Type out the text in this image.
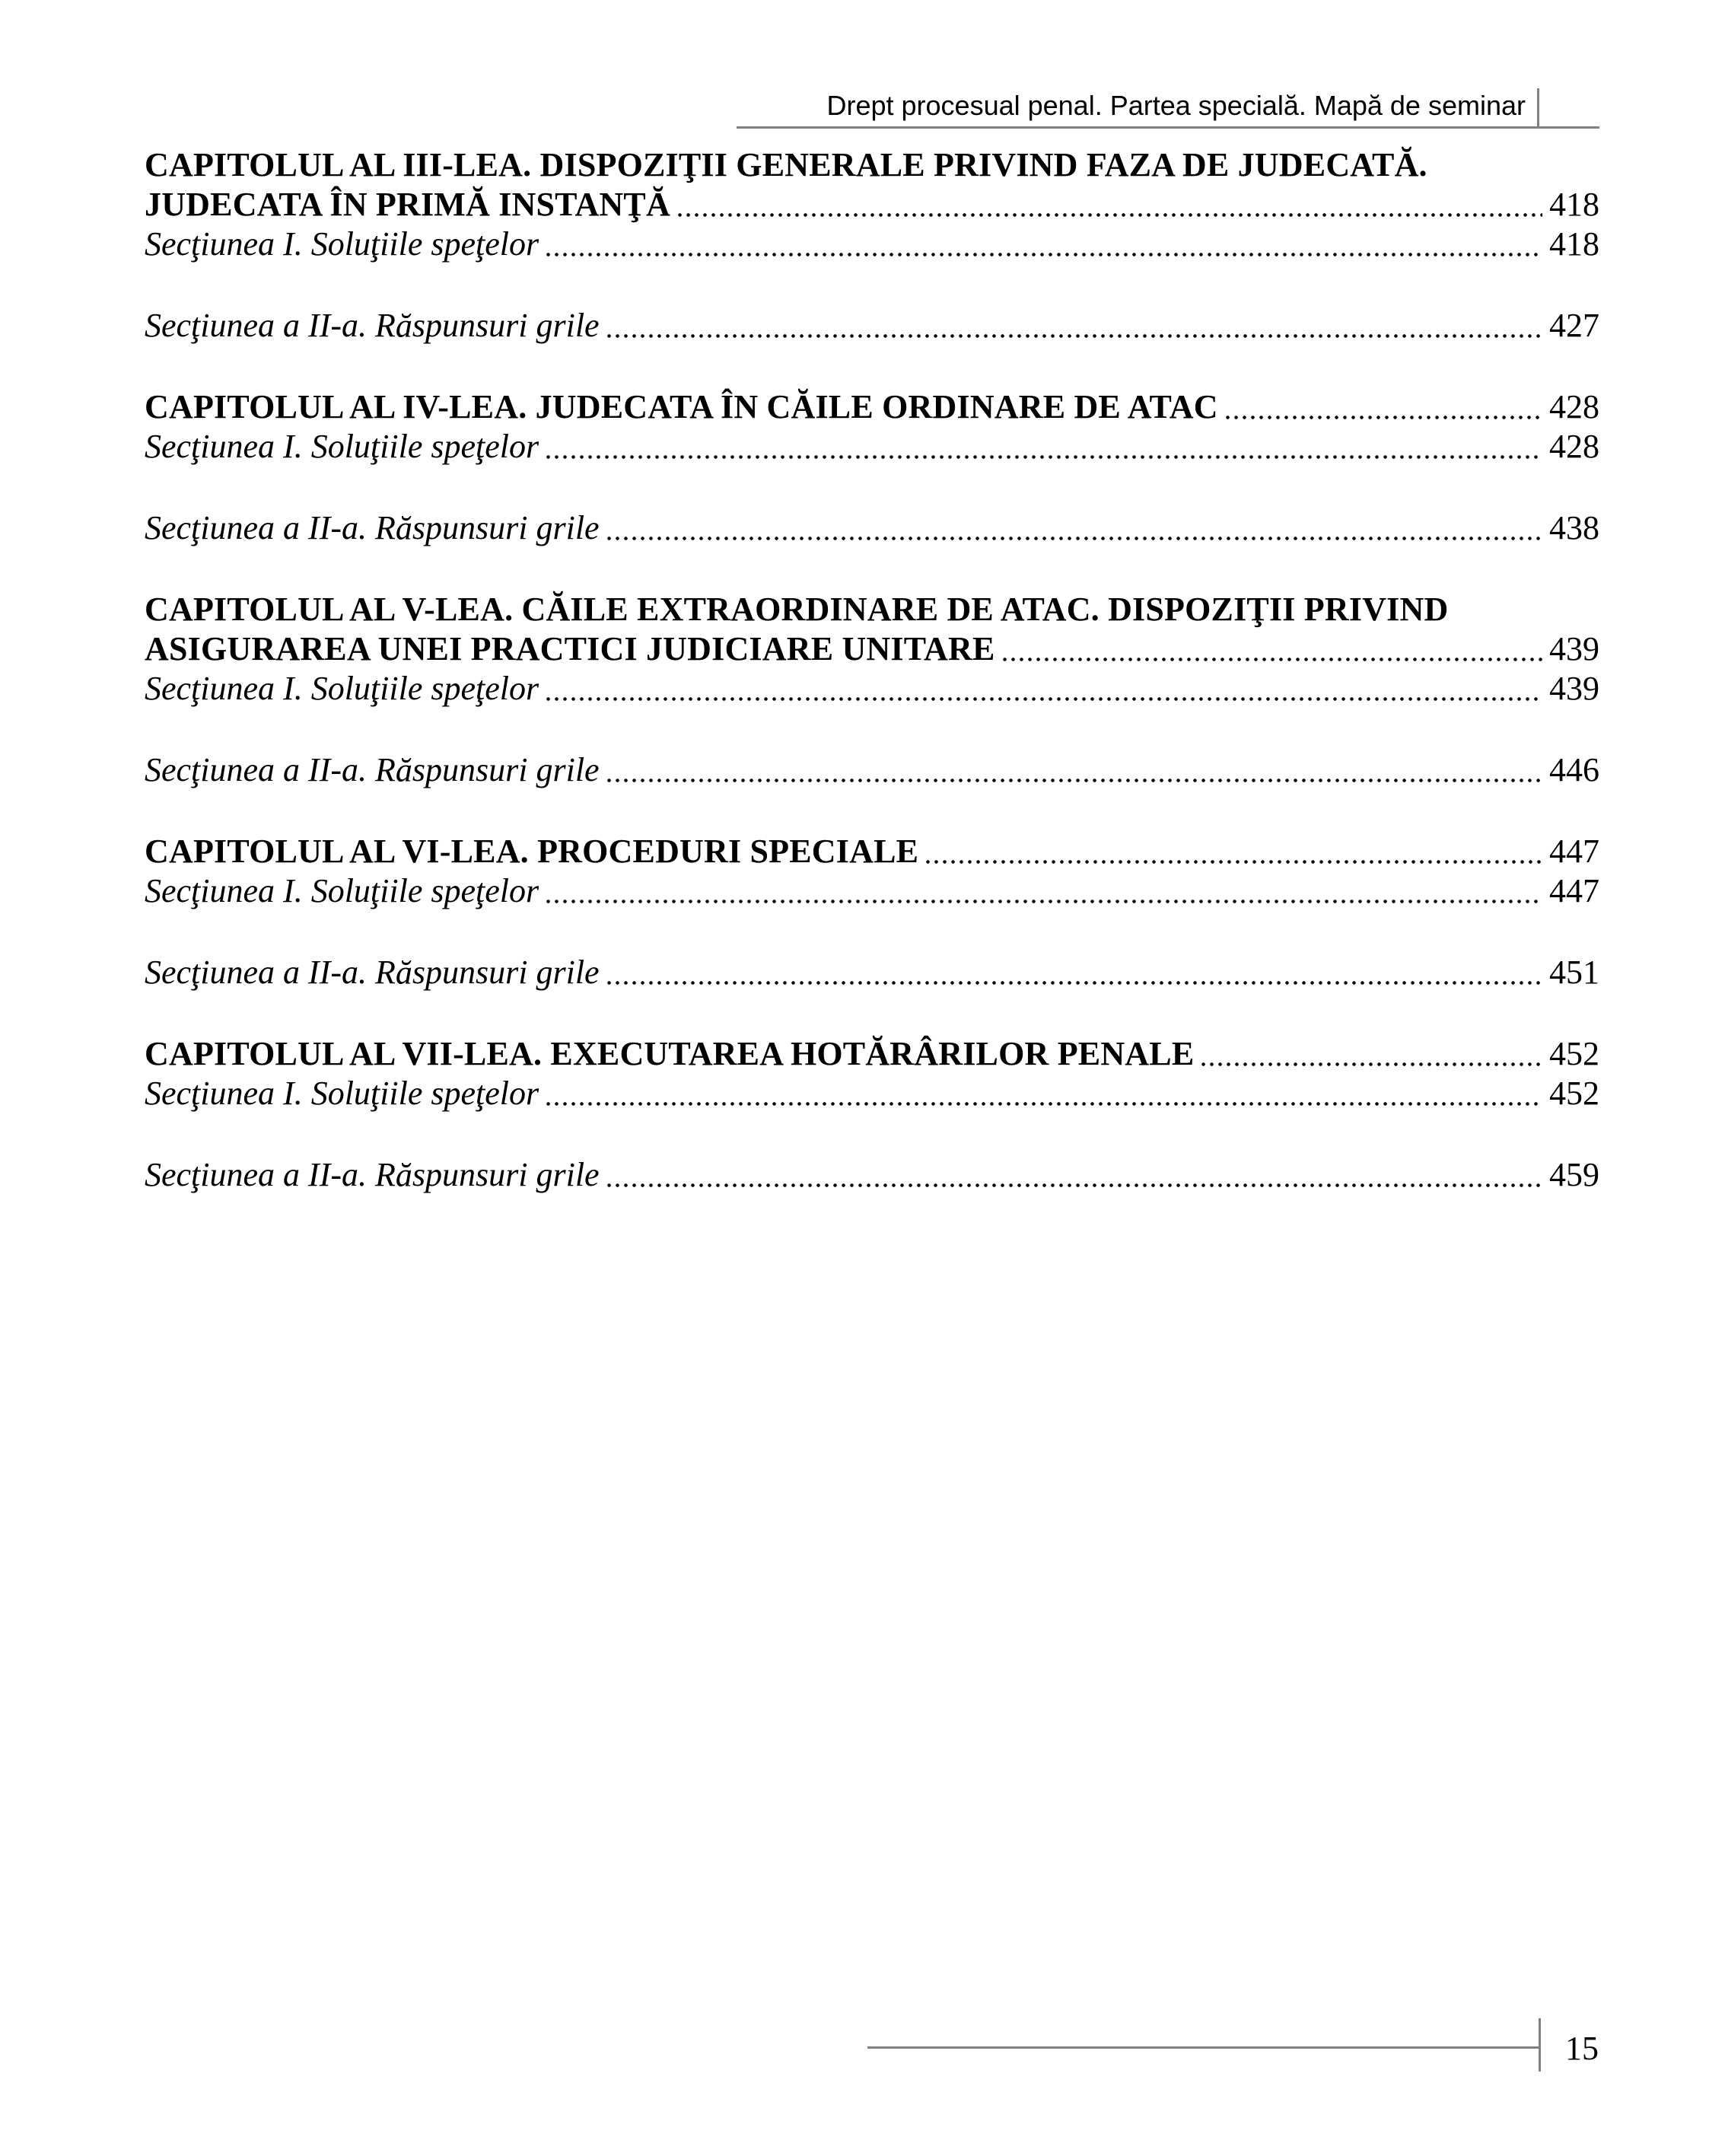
Drept procesual penal. Partea specială. Mapă de seminar
CAPITOLUL AL III-LEA. DISPOZIŢII GENERALE PRIVIND FAZA DE JUDECATĂ.
JUDECATA ÎN PRIMĂ INSTANŢĂ	418
Secţiunea I. Soluţiile speţelor	418
Secţiunea a II-a. Răspunsuri grile	427
CAPITOLUL AL IV-LEA. JUDECATA ÎN CĂILE ORDINARE DE ATAC	428
Secţiunea I. Soluţiile speţelor	428
Secţiunea a II-a. Răspunsuri grile	438
CAPITOLUL AL V-LEA. CĂILE EXTRAORDINARE DE ATAC. DISPOZIŢII PRIVIND
ASIGURAREA UNEI PRACTICI JUDICIARE UNITARE	439
Secţiunea I. Soluţiile speţelor	439
Secţiunea a II-a. Răspunsuri grile	446
CAPITOLUL AL VI-LEA. PROCEDURI SPECIALE	447
Secţiunea I. Soluţiile speţelor	447
Secţiunea a II-a. Răspunsuri grile	451
CAPITOLUL AL VII-LEA. EXECUTAREA HOTĂRÂRILOR PENALE	452
Secţiunea I. Soluţiile speţelor	452
Secţiunea a II-a. Răspunsuri grile	459
15
